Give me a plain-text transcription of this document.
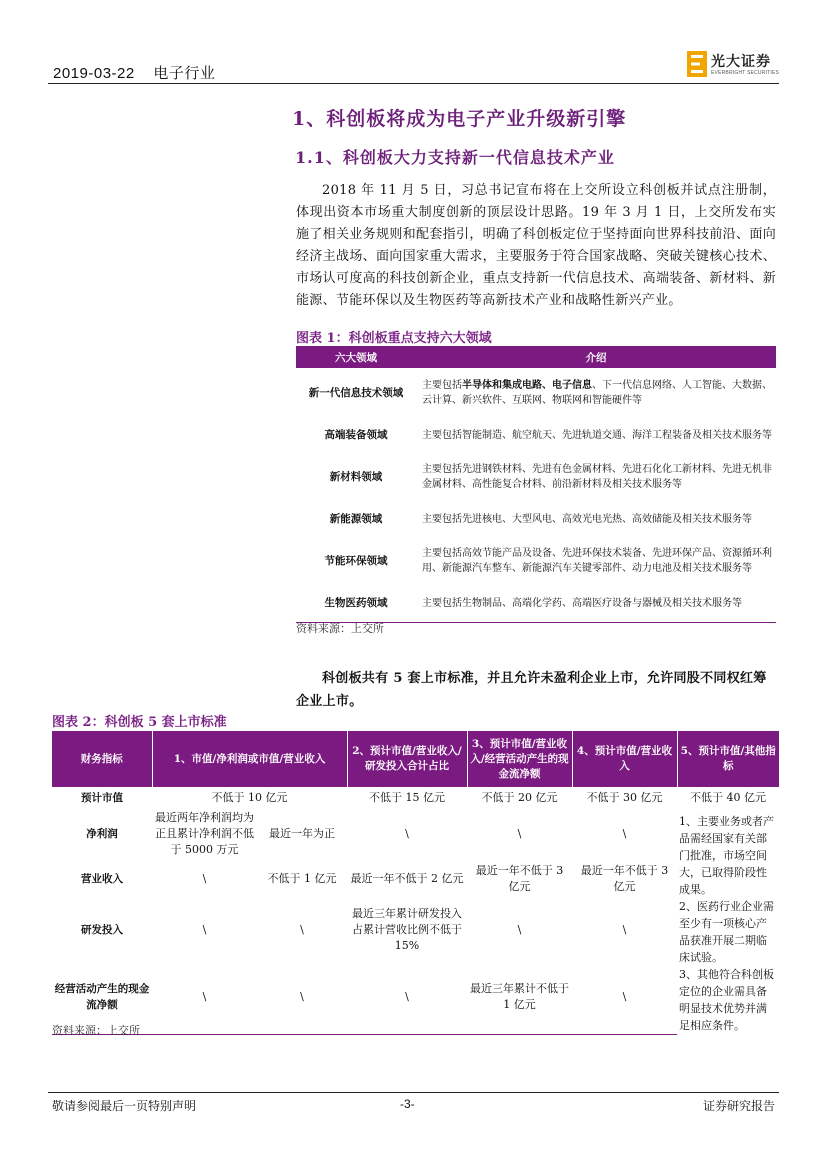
2019-03-22 电子行业
光大证券
EVERBRIGHT SECURITIES
1、科创板将成为电子产业升级新引擎
1.1、科创板大力支持新一代信息技术产业
2018 年 11 月 5 日，习总书记宣布将在上交所设立科创板并试点注册制，体现出资本市场重大制度创新的顶层设计思路。19 年 3 月 1 日，上交所发布实施了相关业务规则和配套指引，明确了科创板定位于坚持面向世界科技前沿、面向经济主战场、面向国家重大需求，主要服务于符合国家战略、突破关键核心技术、市场认可度高的科技创新企业，重点支持新一代信息技术、高端装备、新材料、新能源、节能环保以及生物医药等高新技术产业和战略性新兴产业。
图表 1：科创板重点支持六大领域
六大领域	介绍
新一代信息技术领域	主要包括半导体和集成电路、电子信息、下一代信息网络、人工智能、大数据、云计算、新兴软件、互联网、物联网和智能硬件等
高端装备领域	主要包括智能制造、航空航天、先进轨道交通、海洋工程装备及相关技术服务等
新材料领域	主要包括先进钢铁材料、先进有色金属材料、先进石化化工新材料、先进无机非金属材料、高性能复合材料、前沿新材料及相关技术服务等
新能源领域	主要包括先进核电、大型风电、高效光电光热、高效储能及相关技术服务等
节能环保领域	主要包括高效节能产品及设备、先进环保技术装备、先进环保产品、资源循环利用、新能源汽车整车、新能源汽车关键零部件、动力电池及相关技术服务等
生物医药领域	主要包括生物制品、高端化学药、高端医疗设备与器械及相关技术服务等
资料来源：上交所
科创板共有 5 套上市标准，并且允许未盈利企业上市，允许同股不同权红筹企业上市。
图表 2：科创板 5 套上市标准
财务指标	1、市值/净利润或市值/营业收入		2、预计市值/营业收入/研发投入合计占比	3、预计市值/营业收入/经营活动产生的现金流净额	4、预计市值/营业收入	5、预计市值/其他指标
预计市值	不低于 10 亿元		不低于 15 亿元	不低于 20 亿元	不低于 30 亿元	不低于 40 亿元
净利润	最近两年净利润均为正且累计净利润不低于 5000 万元	最近一年为正	\	\	\	1、主要业务或者产品需经国家有关部门批准，市场空间大，已取得阶段性成果。
2、医药行业企业需至少有一项核心产品获准开展二期临床试验。
3、其他符合科创板定位的企业需具备明显技术优势并满足相应条件。

营业收入	\	不低于 1 亿元	最近一年不低于 2 亿元	最近一年不低于 3 亿元	最近一年不低于 3 亿元	
研发投入	\	\	最近三年累计研发投入占累计营收比例不低于 15%	\	\	
经营活动产生的现金流净额	\	\	\	最近三年累计不低于 1 亿元	\	
资料来源：上交所
敬请参阅最后一页特别声明	-3-	证券研究报告
